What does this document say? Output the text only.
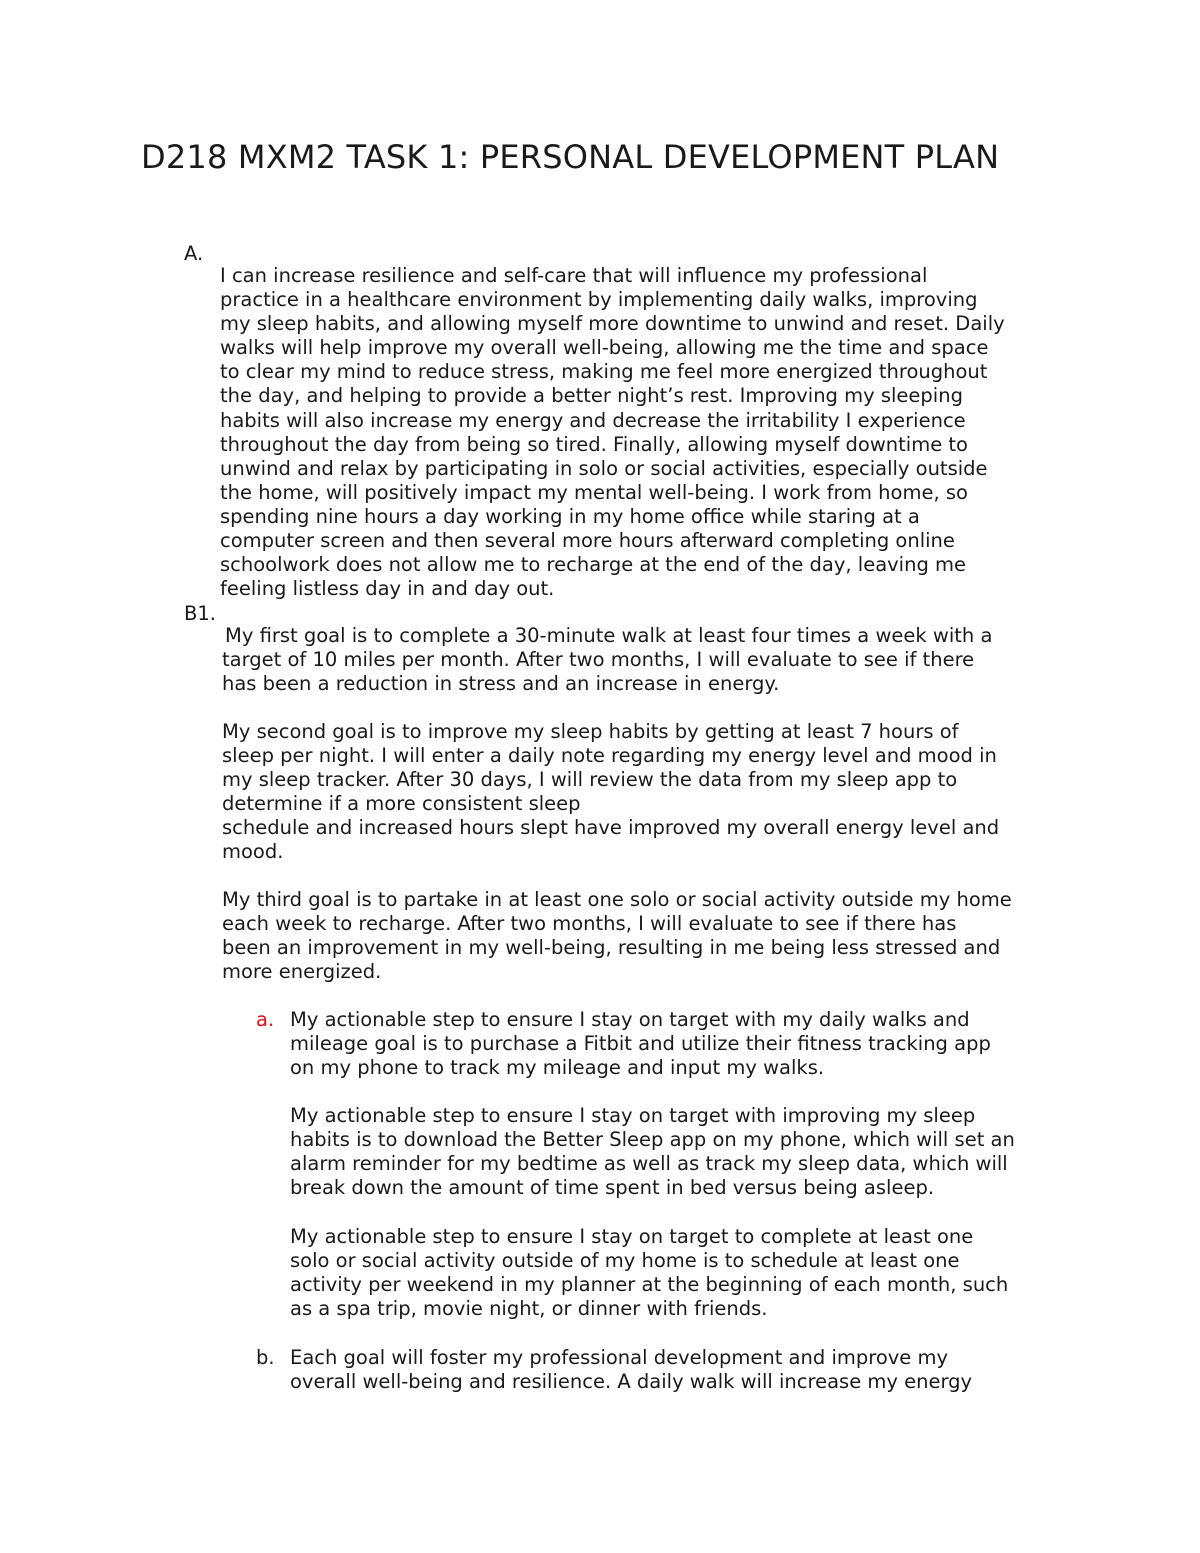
D218 MXM2 TASK 1: PERSONAL DEVELOPMENT PLAN
A.
I can increase resilience and self-care that will influence my professional
practice in a healthcare environment by implementing daily walks, improving
my sleep habits, and allowing myself more downtime to unwind and reset. Daily
walks will help improve my overall well-being, allowing me the time and space
to clear my mind to reduce stress, making me feel more energized throughout
the day, and helping to provide a better night’s rest. Improving my sleeping
habits will also increase my energy and decrease the irritability I experience
throughout the day from being so tired. Finally, allowing myself downtime to
unwind and relax by participating in solo or social activities, especially outside
the home, will positively impact my mental well-being. I work from home, so
spending nine hours a day working in my home office while staring at a
computer screen and then several more hours afterward completing online
schoolwork does not allow me to recharge at the end of the day, leaving me
feeling listless day in and day out.
B1.
My first goal is to complete a 30-minute walk at least four times a week with a
target of 10 miles per month. After two months, I will evaluate to see if there
has been a reduction in stress and an increase in energy.
My second goal is to improve my sleep habits by getting at least 7 hours of
sleep per night. I will enter a daily note regarding my energy level and mood in
my sleep tracker. After 30 days, I will review the data from my sleep app to
determine if a more consistent sleep
schedule and increased hours slept have improved my overall energy level and
mood.
My third goal is to partake in at least one solo or social activity outside my home
each week to recharge. After two months, I will evaluate to see if there has
been an improvement in my well-being, resulting in me being less stressed and
more energized.
a. My actionable step to ensure I stay on target with my daily walks and
mileage goal is to purchase a Fitbit and utilize their fitness tracking app
on my phone to track my mileage and input my walks.
My actionable step to ensure I stay on target with improving my sleep
habits is to download the Better Sleep app on my phone, which will set an
alarm reminder for my bedtime as well as track my sleep data, which will
break down the amount of time spent in bed versus being asleep.
My actionable step to ensure I stay on target to complete at least one
solo or social activity outside of my home is to schedule at least one
activity per weekend in my planner at the beginning of each month, such
as a spa trip, movie night, or dinner with friends.
b. Each goal will foster my professional development and improve my
overall well-being and resilience. A daily walk will increase my energy
